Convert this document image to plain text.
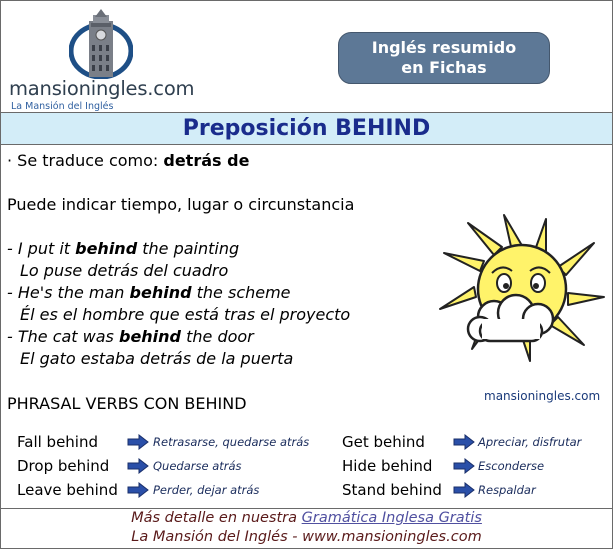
mansioningles.com
La Mansión del Inglés
Inglés resumido
en Fichas
Preposición BEHIND
· Se traduce como: detrás de
Puede indicar tiempo, lugar o circunstancia
- I put it behind the painting
Lo puse detrás del cuadro
- He's the man behind the scheme
Él es el hombre que está tras el proyecto
- The cat was behind the door
El gato estaba detrás de la puerta
mansioningles.com
PHRASAL VERBS CON BEHIND
Fall behind	Retrasarse, quedarse atrás
Drop behind	Quedarse atrás
Leave behind	Perder, dejar atrás
Get behind	Apreciar, disfrutar
Hide behind	Esconderse
Stand behind	Respaldar
Más detalle en nuestra Gramática Inglesa Gratis
La Mansión del Inglés - www.mansioningles.com
